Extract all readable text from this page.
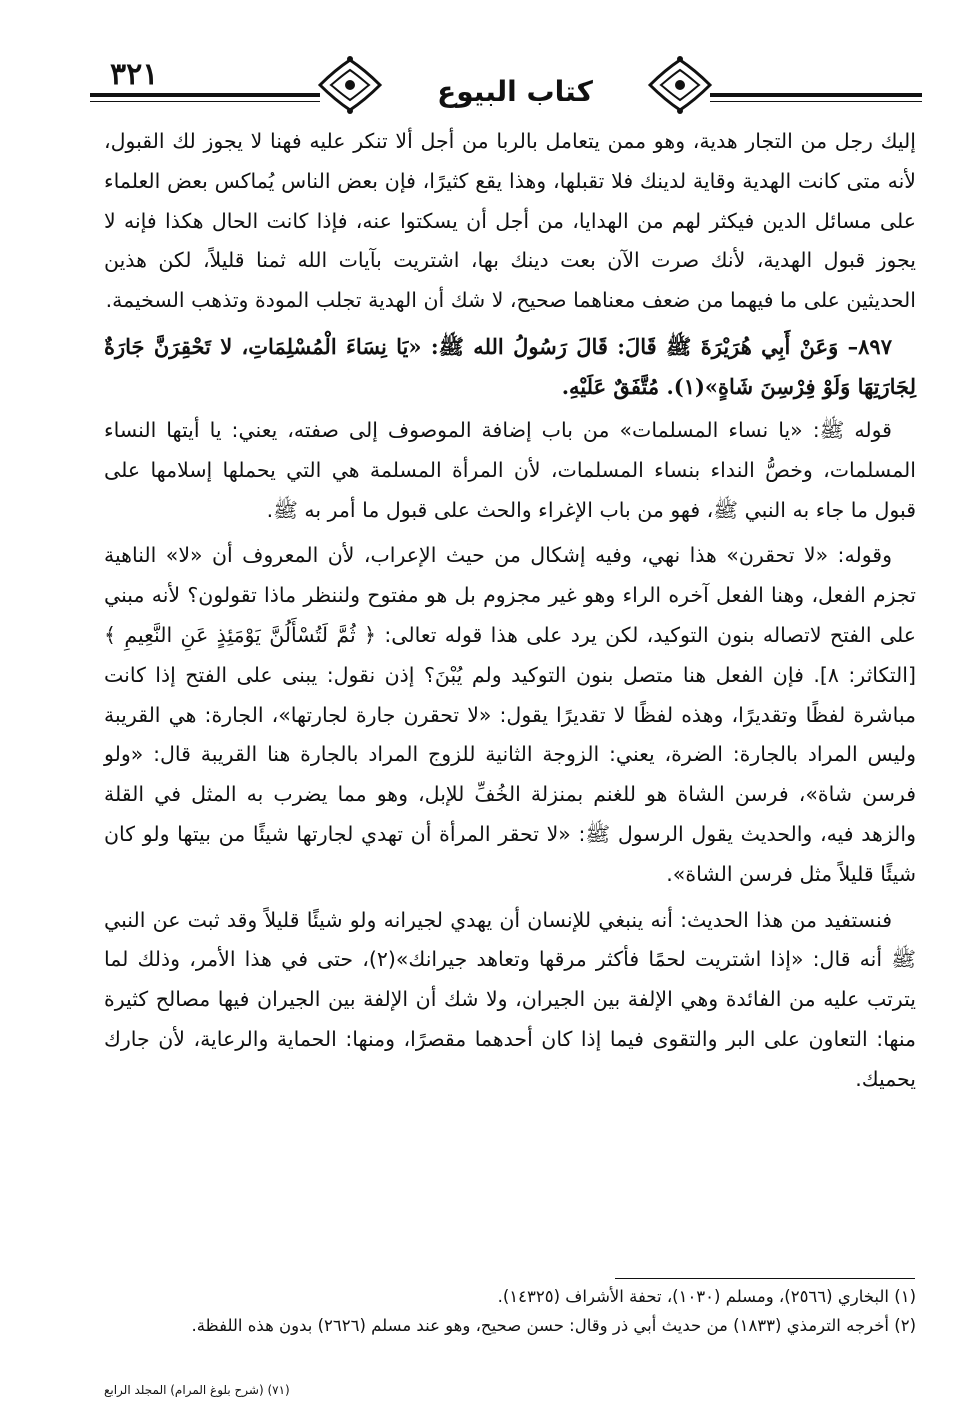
٣٢١	كتاب البيوع

إليك رجل من التجار هدية، وهو ممن يتعامل بالربا من أجل ألا تنكر عليه فهنا لا يجوز لك القبول، لأنه متى كانت الهدية وقاية لدينك فلا تقبلها، وهذا يقع كثيرًا، فإن بعض الناس يُماكس بعض العلماء على مسائل الدين فيكثر لهم من الهدايا، من أجل أن يسكتوا عنه، فإذا كانت الحال هكذا فإنه لا يجوز قبول الهدية، لأنك صرت الآن بعت دينك بها، اشتريت بآيات الله ثمنا قليلاً، لكن هذين الحديثين على ما فيهما من ضعف معناهما صحيح، لا شك أن الهدية تجلب المودة وتذهب السخيمة.

٨٩٧– وَعَنْ أَبِي هُرَيْرَةَ ﷺ قَالَ: قَالَ رَسُولُ الله ﷺ: «يَا نِسَاءَ الْمُسْلِمَاتِ، لا تَحْقِرَنَّ جَارَةٌ لِجَارَتِهَا وَلَوْ فِرْسِنَ شَاةٍ»(١). مُتَّفَقٌ عَلَيْهِ.

قوله ﷺ: «يا نساء المسلمات» من باب إضافة الموصوف إلى صفته، يعني: يا أيتها النساء المسلمات، وخصُّ النداء بنساء المسلمات، لأن المرأة المسلمة هي التي يحملها إسلامها على قبول ما جاء به النبي ﷺ، فهو من باب الإغراء والحث على قبول ما أمر به ﷺ.

وقوله: «لا تحقرن» هذا نهي، وفيه إشكال من حيث الإعراب، لأن المعروف أن «لا» الناهية تجزم الفعل، وهنا الفعل آخره الراء وهو غير مجزوم بل هو مفتوح ولننظر ماذا تقولون؟ لأنه مبني على الفتح لاتصاله بنون التوكيد، لكن يرد على هذا قوله تعالى: ﴿ ثُمَّ لَتُسْأَلُنَّ يَوْمَئِذٍ عَنِ النَّعِيمِ ﴾ [التكاثر: ٨]. فإن الفعل هنا متصل بنون التوكيد ولم يُبْنَ؟ إذن نقول: يبنى على الفتح إذا كانت مباشرة لفظًا وتقديرًا، وهذه لفظًا لا تقديرًا يقول: «لا تحقرن جارة لجارتها»، الجارة: هي القريبة وليس المراد بالجارة: الضرة، يعني: الزوجة الثانية للزوج المراد بالجارة هنا القريبة قال: «ولو فرسن شاة»، فرسن الشاة هو للغنم بمنزلة الخُفِّ للإبل، وهو مما يضرب به المثل في القلة والزهد فيه، والحديث يقول الرسول ﷺ: «لا تحقر المرأة أن تهدي لجارتها شيئًا من بيتها ولو كان شيئًا قليلاً مثل فرسن الشاة».

فنستفيد من هذا الحديث: أنه ينبغي للإنسان أن يهدي لجيرانه ولو شيئًا قليلاً وقد ثبت عن النبي ﷺ أنه قال: «إذا اشتريت لحمًا فأكثر مرقها وتعاهد جيرانك»(٢)، حتى في هذا الأمر، وذلك لما يترتب عليه من الفائدة وهي الإلفة بين الجيران، ولا شك أن الإلفة بين الجيران فيها مصالح كثيرة منها: التعاون على البر والتقوى فيما إذا كان أحدهما مقصرًا، ومنها: الحماية والرعاية، لأن جارك يحميك.

(١) البخاري (٢٥٦٦)، ومسلم (١٠٣٠)، تحفة الأشراف (١٤٣٢٥).

(٢) أخرجه الترمذي (١٨٣٣) من حديث أبي ذر وقال: حسن صحيح، وهو عند مسلم (٢٦٢٦) بدون هذه اللفظة.

(٧١) (شرح بلوغ المرام) المجلد الرابع
